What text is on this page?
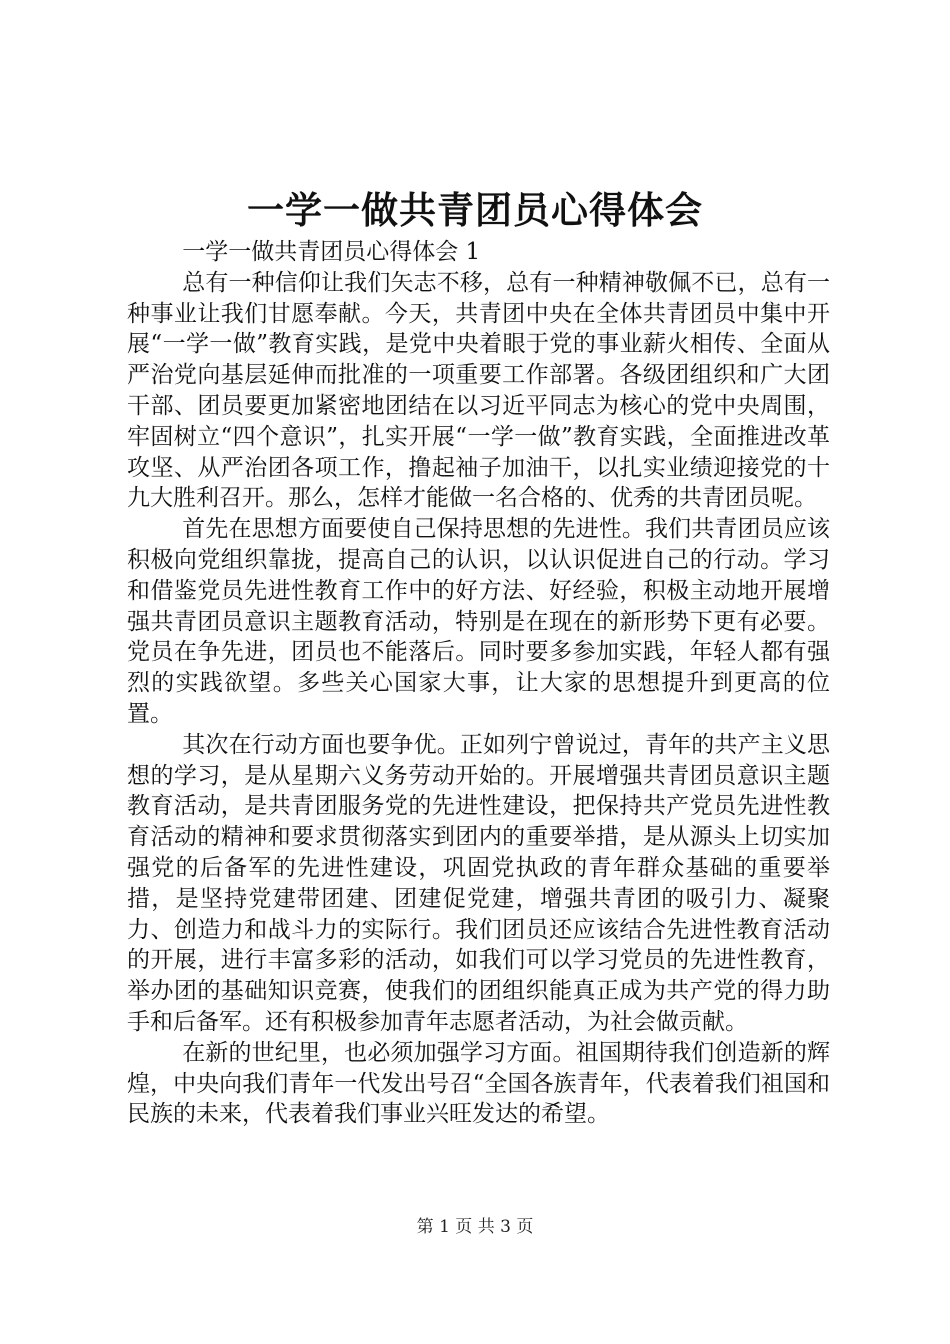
一学一做共青团员心得体会

一学一做共青团员心得体会 1

总有一种信仰让我们矢志不移，总有一种精神敬佩不已，总有一种事业让我们甘愿奉献。今天，共青团中央在全体共青团员中集中开展“一学一做”教育实践，是党中央着眼于党的事业薪火相传、全面从严治党向基层延伸而批准的一项重要工作部署。各级团组织和广大团干部、团员要更加紧密地团结在以习近平同志为核心的党中央周围，牢固树立“四个意识”，扎实开展“一学一做”教育实践，全面推进改革攻坚、从严治团各项工作，撸起袖子加油干，以扎实业绩迎接党的十九大胜利召开。那么，怎样才能做一名合格的、优秀的共青团员呢。

首先在思想方面要使自己保持思想的先进性。我们共青团员应该积极向党组织靠拢，提高自己的认识，以认识促进自己的行动。学习和借鉴党员先进性教育工作中的好方法、好经验，积极主动地开展增强共青团员意识主题教育活动，特别是在现在的新形势下更有必要。党员在争先进，团员也不能落后。同时要多参加实践，年轻人都有强烈的实践欲望。多些关心国家大事，让大家的思想提升到更高的位置。

其次在行动方面也要争优。正如列宁曾说过，青年的共产主义思想的学习，是从星期六义务劳动开始的。开展增强共青团员意识主题教育活动，是共青团服务党的先进性建设，把保持共产党员先进性教育活动的精神和要求贯彻落实到团内的重要举措，是从源头上切实加强党的后备军的先进性建设，巩固党执政的青年群众基础的重要举措，是坚持党建带团建、团建促党建，增强共青团的吸引力、凝聚力、创造力和战斗力的实际行。我们团员还应该结合先进性教育活动的开展，进行丰富多彩的活动，如我们可以学习党员的先进性教育，举办团的基础知识竞赛，使我们的团组织能真正成为共产党的得力助手和后备军。还有积极参加青年志愿者活动，为社会做贡献。

在新的世纪里，也必须加强学习方面。祖国期待我们创造新的辉煌，中央向我们青年一代发出号召“全国各族青年，代表着我们祖国和民族的未来，代表着我们事业兴旺发达的希望。

第 1 页 共 3 页
